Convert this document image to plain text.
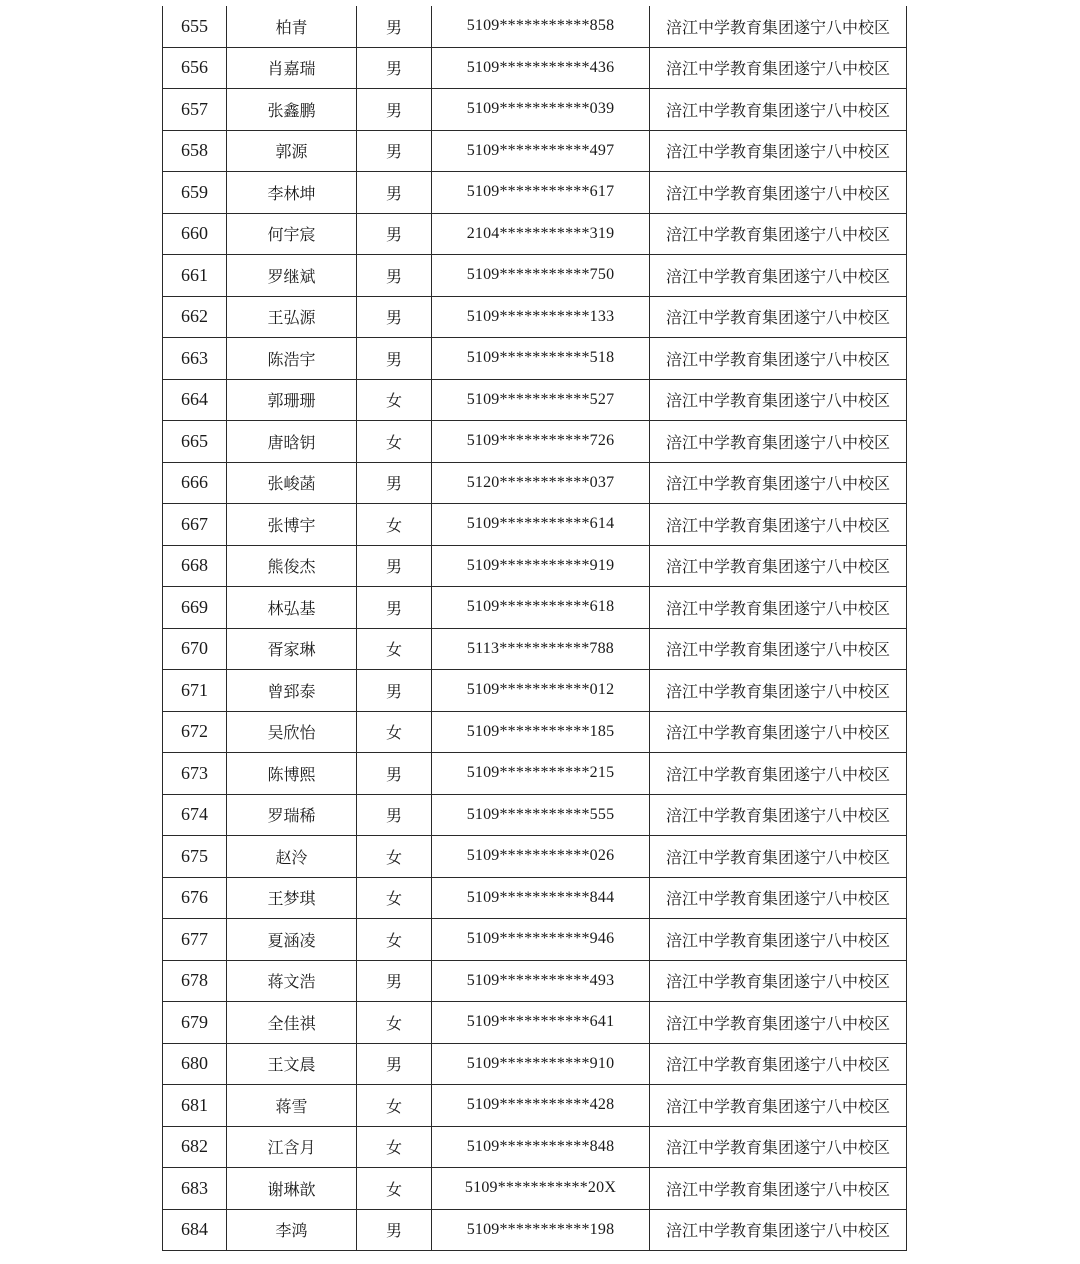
655	柏青	男	5109***********858	涪江中学教育集团遂宁八中校区
656	肖嘉瑞	男	5109***********436	涪江中学教育集团遂宁八中校区
657	张鑫鹏	男	5109***********039	涪江中学教育集团遂宁八中校区
658	郭源	男	5109***********497	涪江中学教育集团遂宁八中校区
659	李林坤	男	5109***********617	涪江中学教育集团遂宁八中校区
660	何宇宸	男	2104***********319	涪江中学教育集团遂宁八中校区
661	罗继斌	男	5109***********750	涪江中学教育集团遂宁八中校区
662	王弘源	男	5109***********133	涪江中学教育集团遂宁八中校区
663	陈浩宇	男	5109***********518	涪江中学教育集团遂宁八中校区
664	郭珊珊	女	5109***********527	涪江中学教育集团遂宁八中校区
665	唐晗钥	女	5109***********726	涪江中学教育集团遂宁八中校区
666	张峻菡	男	5120***********037	涪江中学教育集团遂宁八中校区
667	张博宇	女	5109***********614	涪江中学教育集团遂宁八中校区
668	熊俊杰	男	5109***********919	涪江中学教育集团遂宁八中校区
669	林弘基	男	5109***********618	涪江中学教育集团遂宁八中校区
670	胥家琳	女	5113***********788	涪江中学教育集团遂宁八中校区
671	曾郅泰	男	5109***********012	涪江中学教育集团遂宁八中校区
672	吴欣怡	女	5109***********185	涪江中学教育集团遂宁八中校区
673	陈博熙	男	5109***********215	涪江中学教育集团遂宁八中校区
674	罗瑞稀	男	5109***********555	涪江中学教育集团遂宁八中校区
675	赵泠	女	5109***********026	涪江中学教育集团遂宁八中校区
676	王梦琪	女	5109***********844	涪江中学教育集团遂宁八中校区
677	夏涵凌	女	5109***********946	涪江中学教育集团遂宁八中校区
678	蒋文浩	男	5109***********493	涪江中学教育集团遂宁八中校区
679	全佳祺	女	5109***********641	涪江中学教育集团遂宁八中校区
680	王文晨	男	5109***********910	涪江中学教育集团遂宁八中校区
681	蒋雪	女	5109***********428	涪江中学教育集团遂宁八中校区
682	江含月	女	5109***********848	涪江中学教育集团遂宁八中校区
683	谢琳歆	女	5109***********20X	涪江中学教育集团遂宁八中校区
684	李鸿	男	5109***********198	涪江中学教育集团遂宁八中校区
